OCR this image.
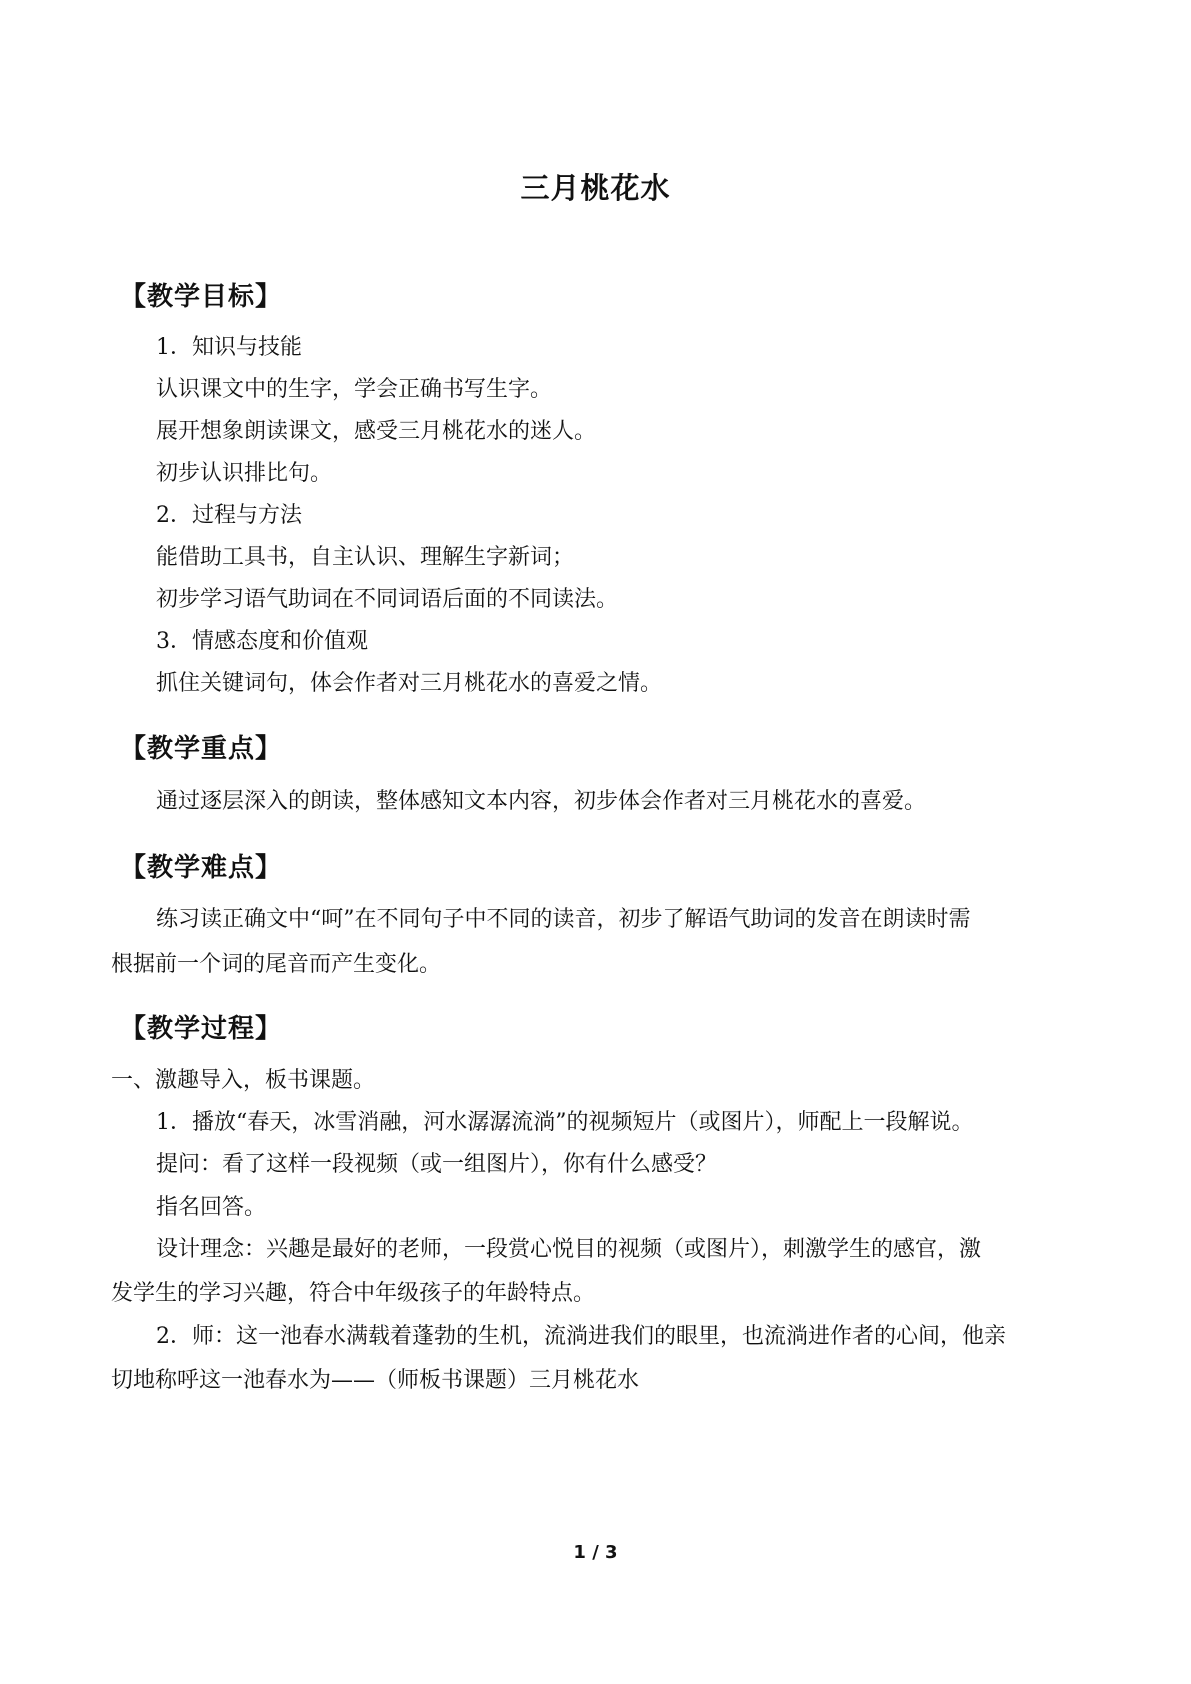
三月桃花水
【教学目标】
1．知识与技能
认识课文中的生字，学会正确书写生字。
展开想象朗读课文，感受三月桃花水的迷人。
初步认识排比句。
2．过程与方法
能借助工具书，自主认识、理解生字新词；
初步学习语气助词在不同词语后面的不同读法。
3．情感态度和价值观
抓住关键词句，体会作者对三月桃花水的喜爱之情。
【教学重点】
通过逐层深入的朗读，整体感知文本内容，初步体会作者对三月桃花水的喜爱。
【教学难点】
练习读正确文中“呵”在不同句子中不同的读音，初步了解语气助词的发音在朗读时需
根据前一个词的尾音而产生变化。
【教学过程】
一、激趣导入，板书课题。
1．播放“春天，冰雪消融，河水潺潺流淌”的视频短片（或图片），师配上一段解说。
提问：看了这样一段视频（或一组图片），你有什么感受？
指名回答。
设计理念：兴趣是最好的老师，一段赏心悦目的视频（或图片），刺激学生的感官，激
发学生的学习兴趣，符合中年级孩子的年龄特点。
2．师：这一池春水满载着蓬勃的生机，流淌进我们的眼里，也流淌进作者的心间，他亲
切地称呼这一池春水为——（师板书课题）三月桃花水
1 / 3
